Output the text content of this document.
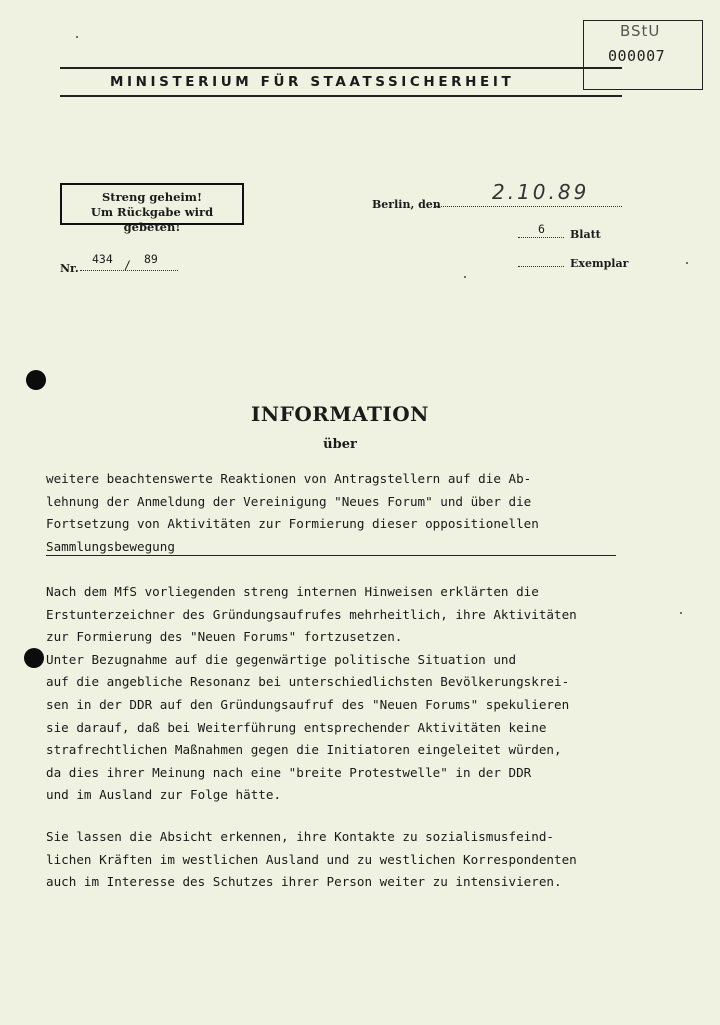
BStU
000007
MINISTERIUM FÜR STAATSSICHERHEIT
Streng geheim!
Um Rückgabe wird gebeten!
Berlin, den
2.10.89
6 Blatt
Exemplar
Nr.
434 / 89
INFORMATION
über
weitere beachtenswerte Reaktionen von Antragstellern auf die Ab-
lehnung der Anmeldung der Vereinigung "Neues Forum" und über die
Fortsetzung von Aktivitäten zur Formierung dieser oppositionellen
Sammlungsbewegung
Nach dem MfS vorliegenden streng internen Hinweisen erklärten die
Erstunterzeichner des Gründungsaufrufes mehrheitlich, ihre Aktivitäten
zur Formierung des "Neuen Forums" fortzusetzen.
Unter Bezugnahme auf die gegenwärtige politische Situation und
auf die angebliche Resonanz bei unterschiedlichsten Bevölkerungskrei-
sen in der DDR auf den Gründungsaufruf des "Neuen Forums" spekulieren
sie darauf, daß bei Weiterführung entsprechender Aktivitäten keine
strafrechtlichen Maßnahmen gegen die Initiatoren eingeleitet würden,
da dies ihrer Meinung nach eine "breite Protestwelle" in der DDR
und im Ausland zur Folge hätte.
Sie lassen die Absicht erkennen, ihre Kontakte zu sozialismusfeind-
lichen Kräften im westlichen Ausland und zu westlichen Korrespondenten
auch im Interesse des Schutzes ihrer Person weiter zu intensivieren.
